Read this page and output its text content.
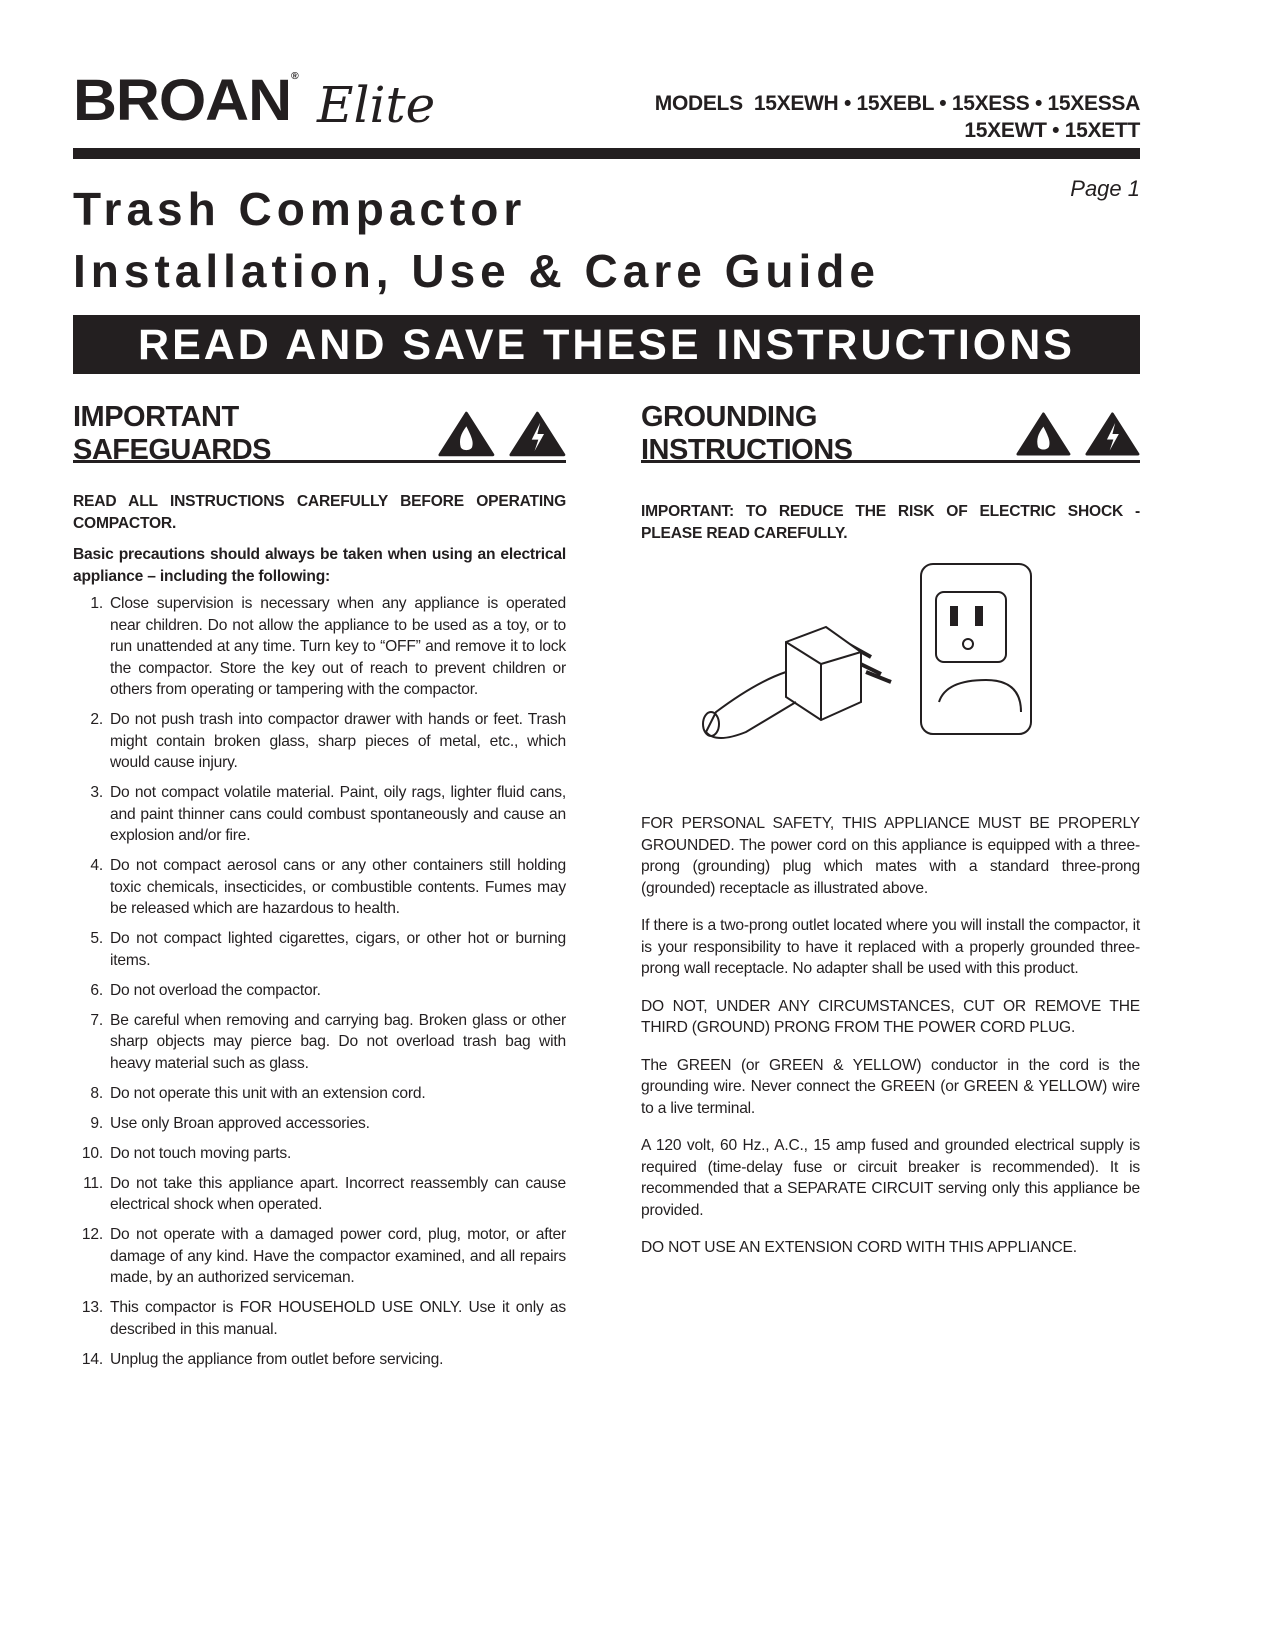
BROAN® Elite	MODELS  15XEWH • 15XEBL • 15XESS • 15XESSA
15XEWT • 15XETT
Page 1
Trash Compactor
Installation, Use & Care Guide
READ AND SAVE THESE INSTRUCTIONS
IMPORTANT SAFEGUARDS

READ ALL INSTRUCTIONS CAREFULLY BEFORE OPERATING COMPACTOR.

Basic precautions should always be taken when using an electrical appliance – including the following:

1. Close supervision is necessary when any appliance is operated near children. Do not allow the appliance to be used as a toy, or to run unattended at any time. Turn key to “OFF” and remove it to lock the compactor. Store the key out of reach to prevent children or others from operating or tampering with the compactor.
2. Do not push trash into compactor drawer with hands or feet. Trash might contain broken glass, sharp pieces of metal, etc., which would cause injury.
3. Do not compact volatile material. Paint, oily rags, lighter fluid cans, and paint thinner cans could combust spontaneously and cause an explosion and/or fire.
4. Do not compact aerosol cans or any other containers still holding toxic chemicals, insecticides, or combustible contents. Fumes may be released which are hazardous to health.
5. Do not compact lighted cigarettes, cigars, or other hot or burning items.
6. Do not overload the compactor.
7. Be careful when removing and carrying bag. Broken glass or other sharp objects may pierce bag. Do not overload trash bag with heavy material such as glass.
8. Do not operate this unit with an extension cord.
9. Use only Broan approved accessories.
10. Do not touch moving parts.
11. Do not take this appliance apart. Incorrect reassembly can cause electrical shock when operated.
12. Do not operate with a damaged power cord, plug, motor, or after damage of any kind. Have the compactor examined, and all repairs made, by an authorized serviceman.
13. This compactor is FOR HOUSEHOLD USE ONLY. Use it only as described in this manual.
14. Unplug the appliance from outlet before servicing.
GROUNDING INSTRUCTIONS

IMPORTANT: TO REDUCE THE RISK OF ELECTRIC SHOCK - PLEASE READ CAREFULLY.

FOR PERSONAL SAFETY, THIS APPLIANCE MUST BE PROPERLY GROUNDED. The power cord on this appliance is equipped with a three-prong (grounding) plug which mates with a standard three-prong (grounded) receptacle as illustrated above.

If there is a two-prong outlet located where you will install the compactor, it is your responsibility to have it replaced with a properly grounded three-prong wall receptacle. No adapter shall be used with this product.

DO NOT, UNDER ANY CIRCUMSTANCES, CUT OR REMOVE THE THIRD (GROUND) PRONG FROM THE POWER CORD PLUG.

The GREEN (or GREEN & YELLOW) conductor in the cord is the grounding wire. Never connect the GREEN (or GREEN & YELLOW) wire to a live terminal.

A 120 volt, 60 Hz., A.C., 15 amp fused and grounded electrical supply is required (time-delay fuse or circuit breaker is recommended). It is recommended that a SEPARATE CIRCUIT serving only this appliance be provided.

DO NOT USE AN EXTENSION CORD WITH THIS APPLIANCE.
